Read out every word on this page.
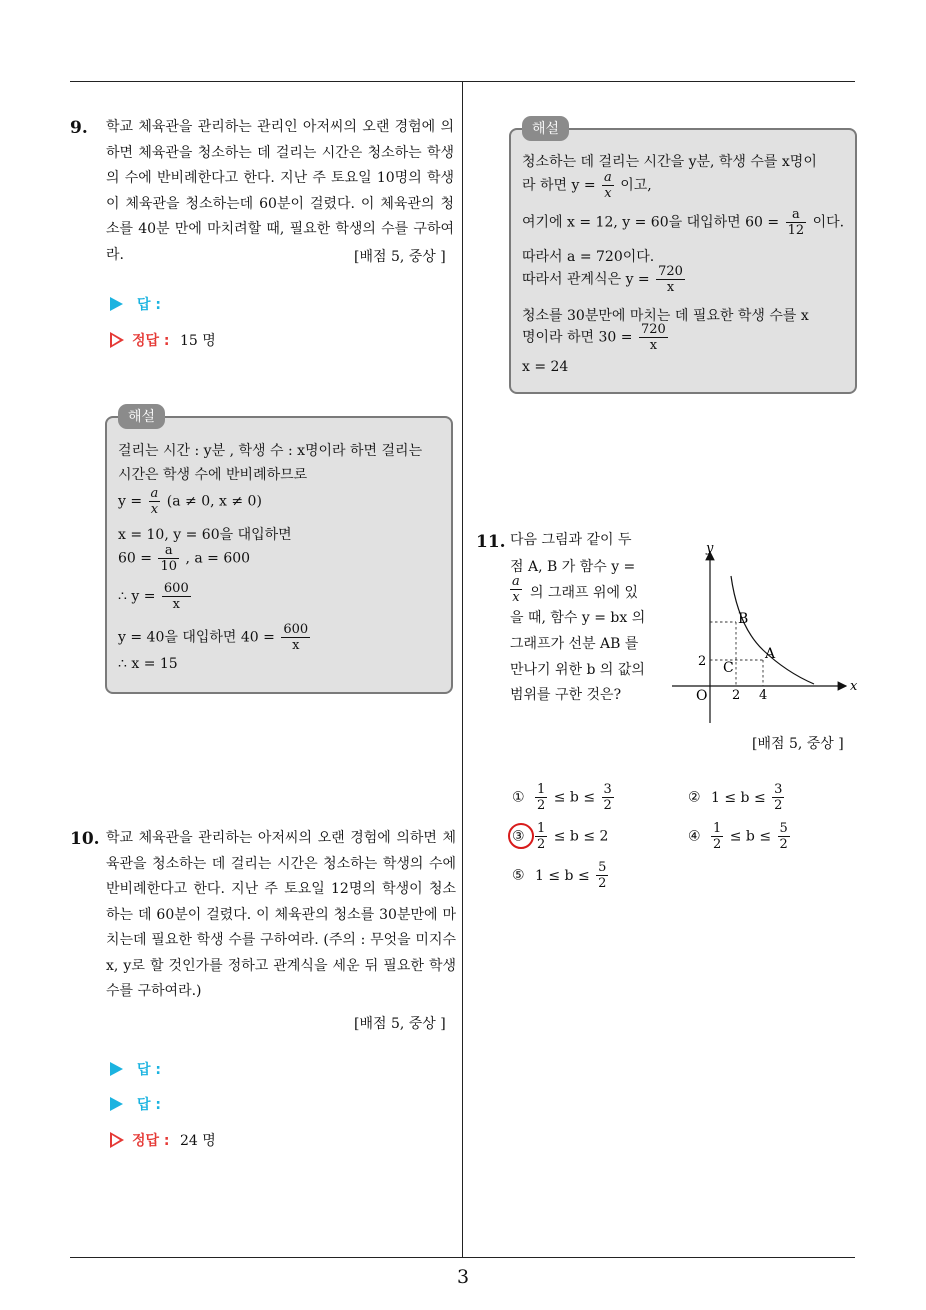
3
9. 학교 체육관을 관리하는 관리인 아저씨의 오랜 경험에 의하면 체육관을 청소하는 데 걸리는 시간은 청소하는 학생의 수에 반비례한다고 한다. 지난 주 토요일 10명의 학생이 체육관을 청소하는데 60분이 걸렸다. 이 체육관의 청소를 40분 만에 마치려할 때, 필요한 학생의 수를 구하여라.	[배점 5, 중상 ]
답 :
정답 : 15 명
해설
걸리는 시간 : y분 , 학생 수 : x명이라 하면 걸리는
시간은 학생 수에 반비례하므로
$y = \frac{a}{x} (a \ne 0$, x ≠ 0)
x = 10, y = 60을 대입하면
$60 = \frac{a}{10}$ , a = 600
∴ $y = \frac{600}{x}$
y = 40을 대입하면 $40 = \frac{600}{x}$
∴ x = 15
10. 학교 체육관을 관리하는 아저씨의 오랜 경험에 의하면 체육관을 청소하는 데 걸리는 시간은 청소하는 학생의 수에 반비례한다고 한다. 지난 주 토요일 12명의 학생이 청소하는 데 60분이 걸렸다. 이 체육관의 청소를 30분만에 마치는데 필요한 학생 수를 구하여라. (주의 : 무엇을 미지수 x, y로 할 것인가를 정하고 관계식을 세운 뒤 필요한 학생 수를 구하여라.)
[배점 5, 중상 ]
답 :
답 :
정답 : 24 명
해설
청소하는 데 걸리는 시간을 y분, 학생 수를 x명이
라 하면 $y = \frac{a}{x}$ 이고,
여기에 x = 12, y = 60을 대입하면 $60 = \frac{a}{12}$ 이다.
따라서 a = 720이다.
따라서 관계식은 $y = \frac{720}{x}$
청소를 30분만에 마치는 데 필요한 학생 수를 x
명이라 하면 $30 = \frac{720}{x}$
x = 24
11. 다음 그림과 같이 두
점 A, B 가 함수 y =
$\frac{a}{x}$ 의 그래프 위에 있
을 때, 함수 y = bx 의
그래프가 선분 AB 를
만나기 위한 b 의 값의
범위를 구한 것은?
y
x
O 2 4
2
B
A
C
[배점 5, 중상 ]
① $\frac{1}{2} \le b \le \frac{3}{2}$	② $1 \le b \le \frac{3}{2}$
③ $\frac{1}{2} \le b \le 2$	④ $\frac{1}{2} \le b \le \frac{5}{2}$
⑤ $1 \le b \le \frac{5}{2}$
